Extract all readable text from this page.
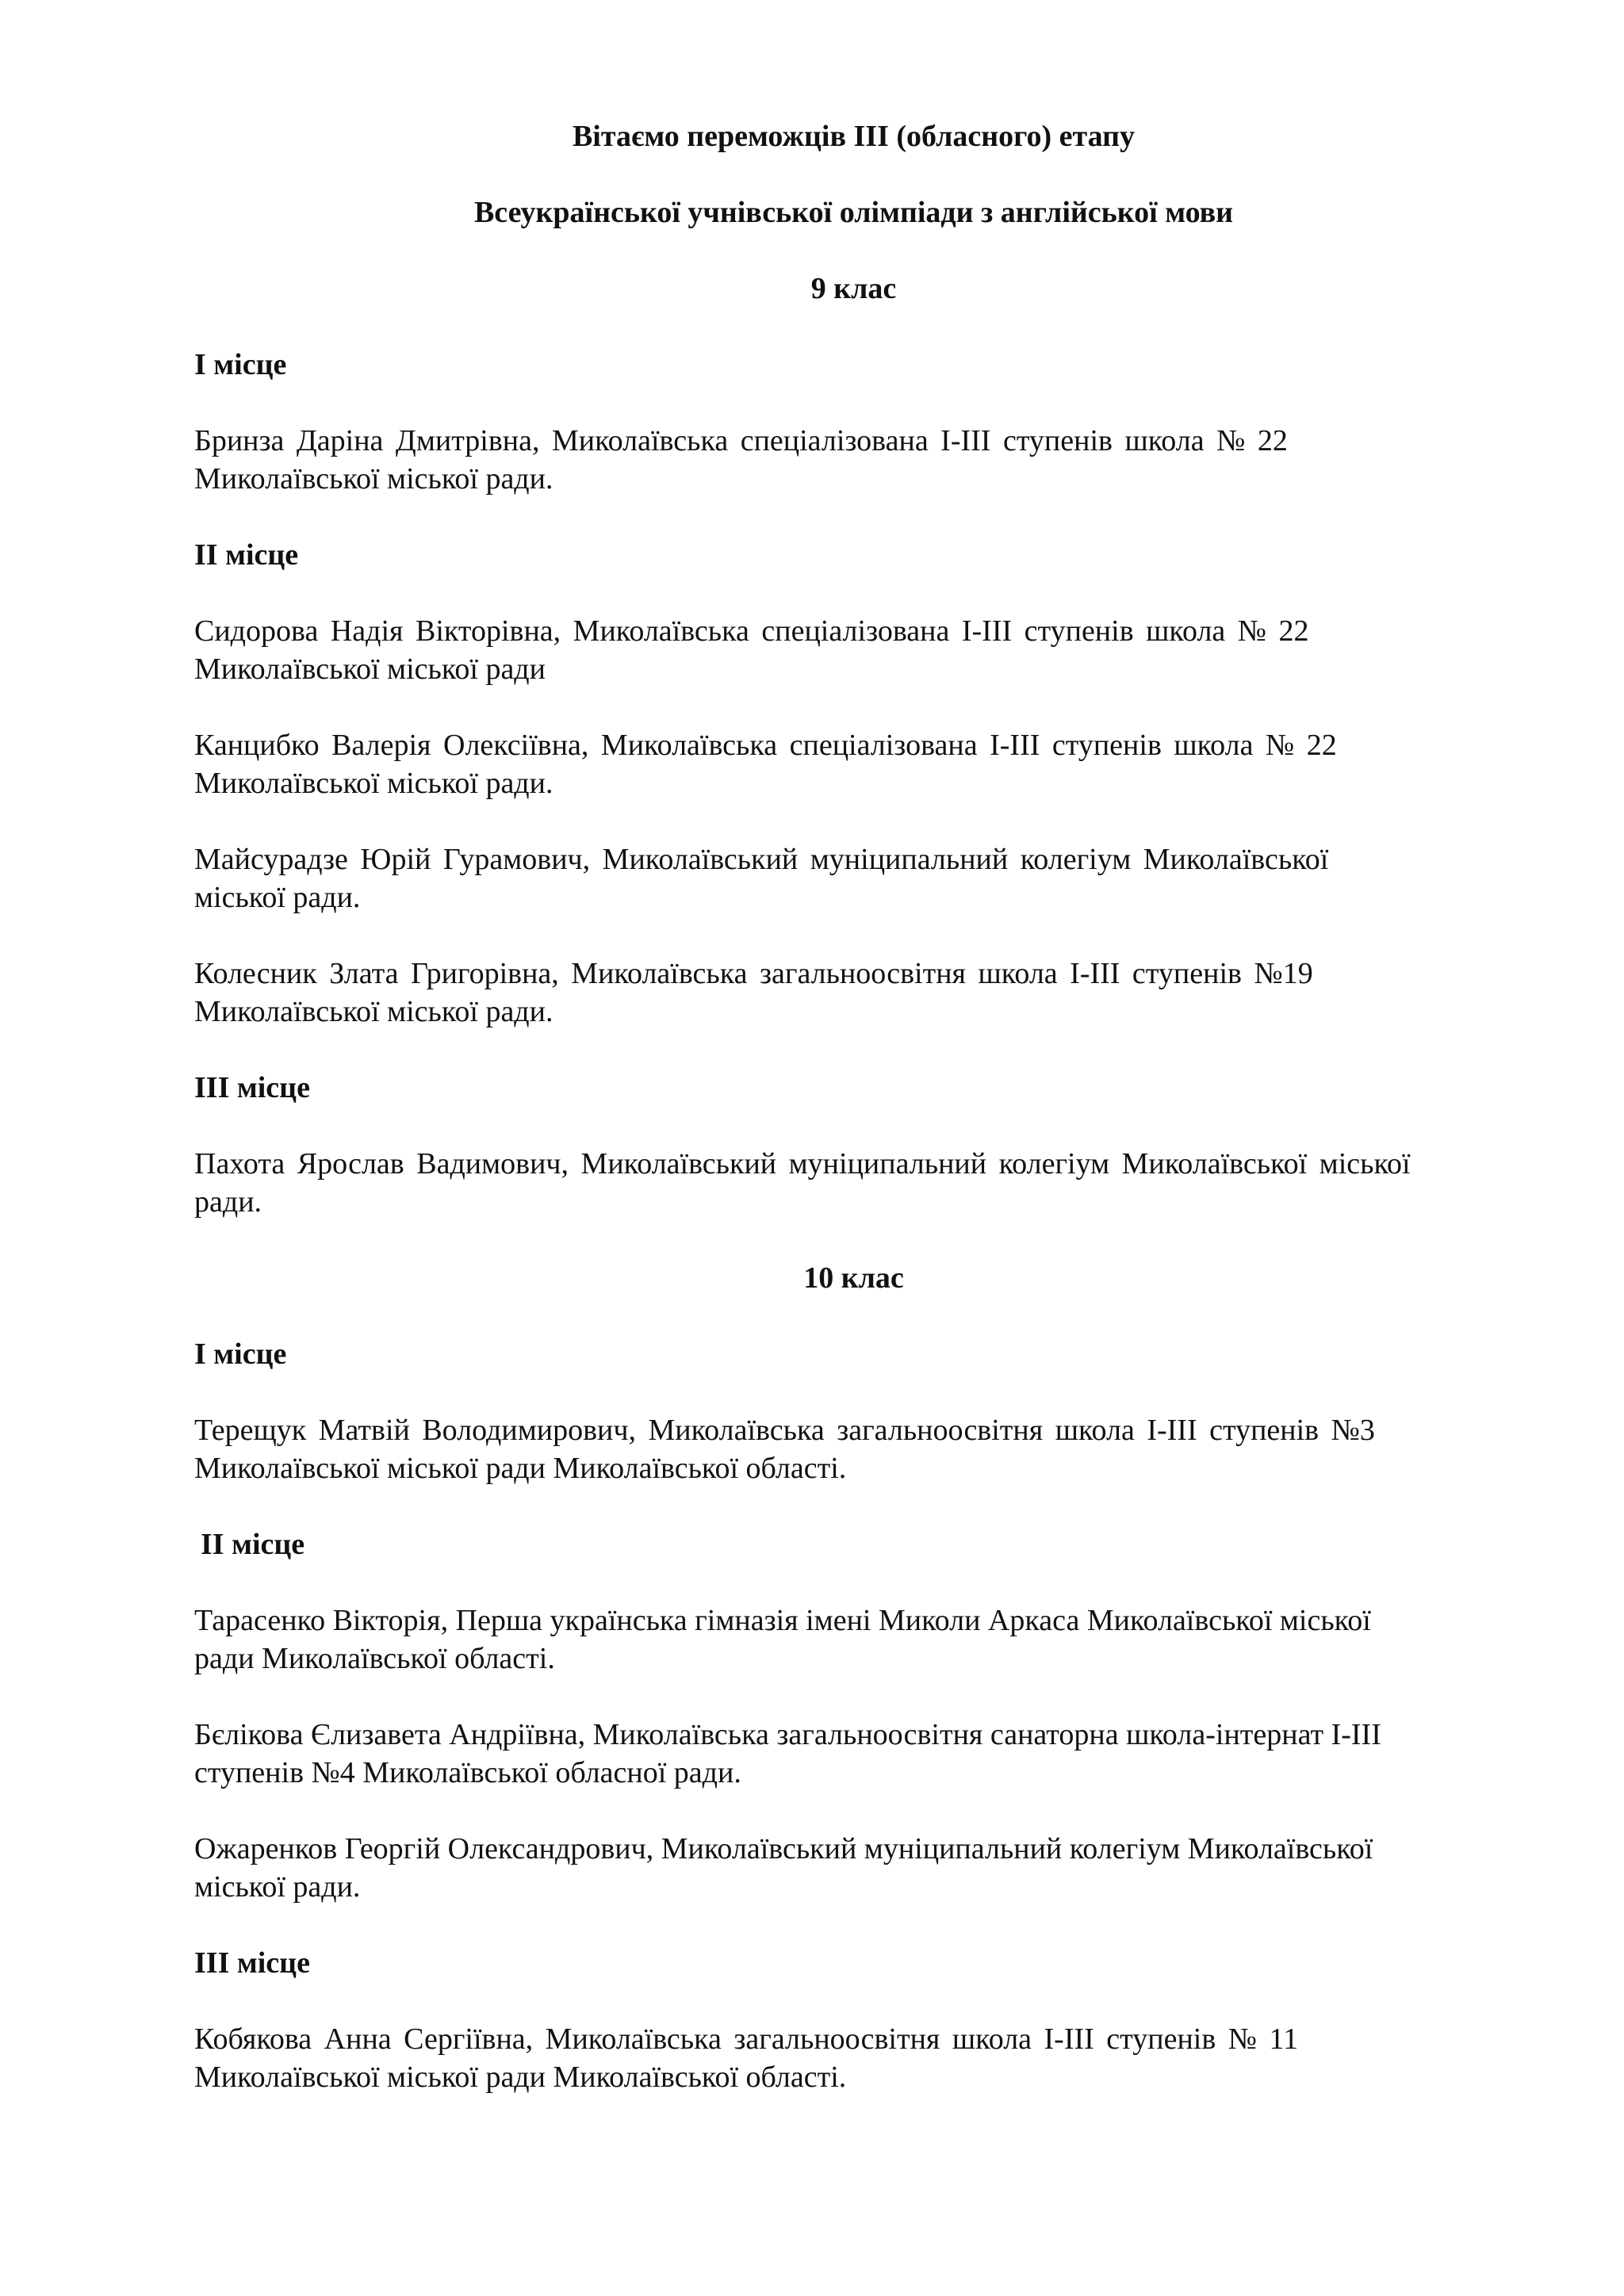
Вітаємо переможців ІІІ (обласного) етапу
Всеукраїнської учнівської олімпіади з англійської мови
9 клас
І місце
Бринза Даріна Дмитрівна, Миколаївська спеціалізована І-ІІІ ступенів школа № 22
Миколаївської міської ради.
ІІ місце
Сидорова Надія Вікторівна, Миколаївська спеціалізована І-ІІІ ступенів школа № 22
Миколаївської міської ради
Канцибко Валерія Олексіївна, Миколаївська спеціалізована І-ІІІ ступенів школа № 22
Миколаївської міської ради.
Майсурадзе Юрій Гурамович, Миколаївський муніципальний колегіум Миколаївської
міської ради.
Колесник Злата Григорівна, Миколаївська загальноосвітня школа І-ІІІ ступенів №19
Миколаївської міської ради.
ІІІ місце
Пахота Ярослав Вадимович, Миколаївський муніципальний колегіум Миколаївської міської
ради.
10 клас
І місце
Терещук Матвій Володимирович, Миколаївська загальноосвітня школа І-ІІІ ступенів №3
Миколаївської міської ради Миколаївської області.
ІІ місце
Тарасенко Вікторія, Перша українська гімназія імені Миколи Аркаса Миколаївської міської
ради Миколаївської області.
Бєлікова Єлизавета Андріївна, Миколаївська загальноосвітня санаторна школа-інтернат І-ІІІ
ступенів №4 Миколаївської обласної ради.
Ожаренков Георгій Олександрович, Миколаївський муніципальний колегіум Миколаївської
міської ради.
ІІІ місце
Кобякова Анна Сергіївна, Миколаївська загальноосвітня школа І-ІІІ ступенів № 11
Миколаївської міської ради Миколаївської області.
